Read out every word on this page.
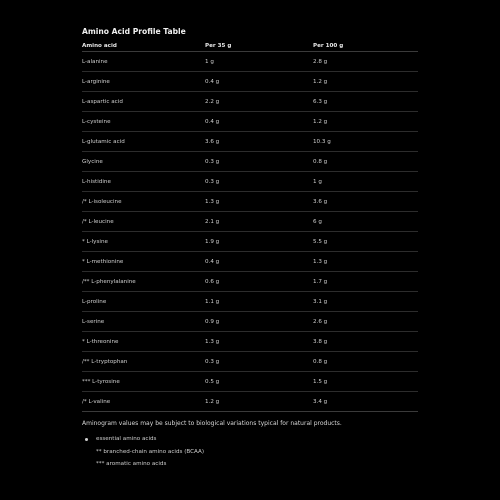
Amino Acid Profile Table
Amino acid	Per 35 g	Per 100 g
L-alanine	1 g	2.8 g
L-arginine	0.4 g	1.2 g
L-aspartic acid	2.2 g	6.3 g
L-cysteine	0.4 g	1.2 g
L-glutamic acid	3.6 g	10.3 g
Glycine	0.3 g	0.8 g
L-histidine	0.3 g	1 g
/* L-isoleucine	1.3 g	3.6 g
/* L-leucine	2.1 g	6 g
* L-lysine	1.9 g	5.5 g
* L-methionine	0.4 g	1.3 g
/** L-phenylalanine	0.6 g	1.7 g
L-proline	1.1 g	3.1 g
L-serine	0.9 g	2.6 g
* L-threonine	1.3 g	3.8 g
/** L-tryptophan	0.3 g	0.8 g
*** L-tyrosine	0.5 g	1.5 g
/* L-valine	1.2 g	3.4 g
Aminogram values may be subject to biological variations typical for natural products.
essential amino acids
** branched-chain amino acids (BCAA)
*** aromatic amino acids
